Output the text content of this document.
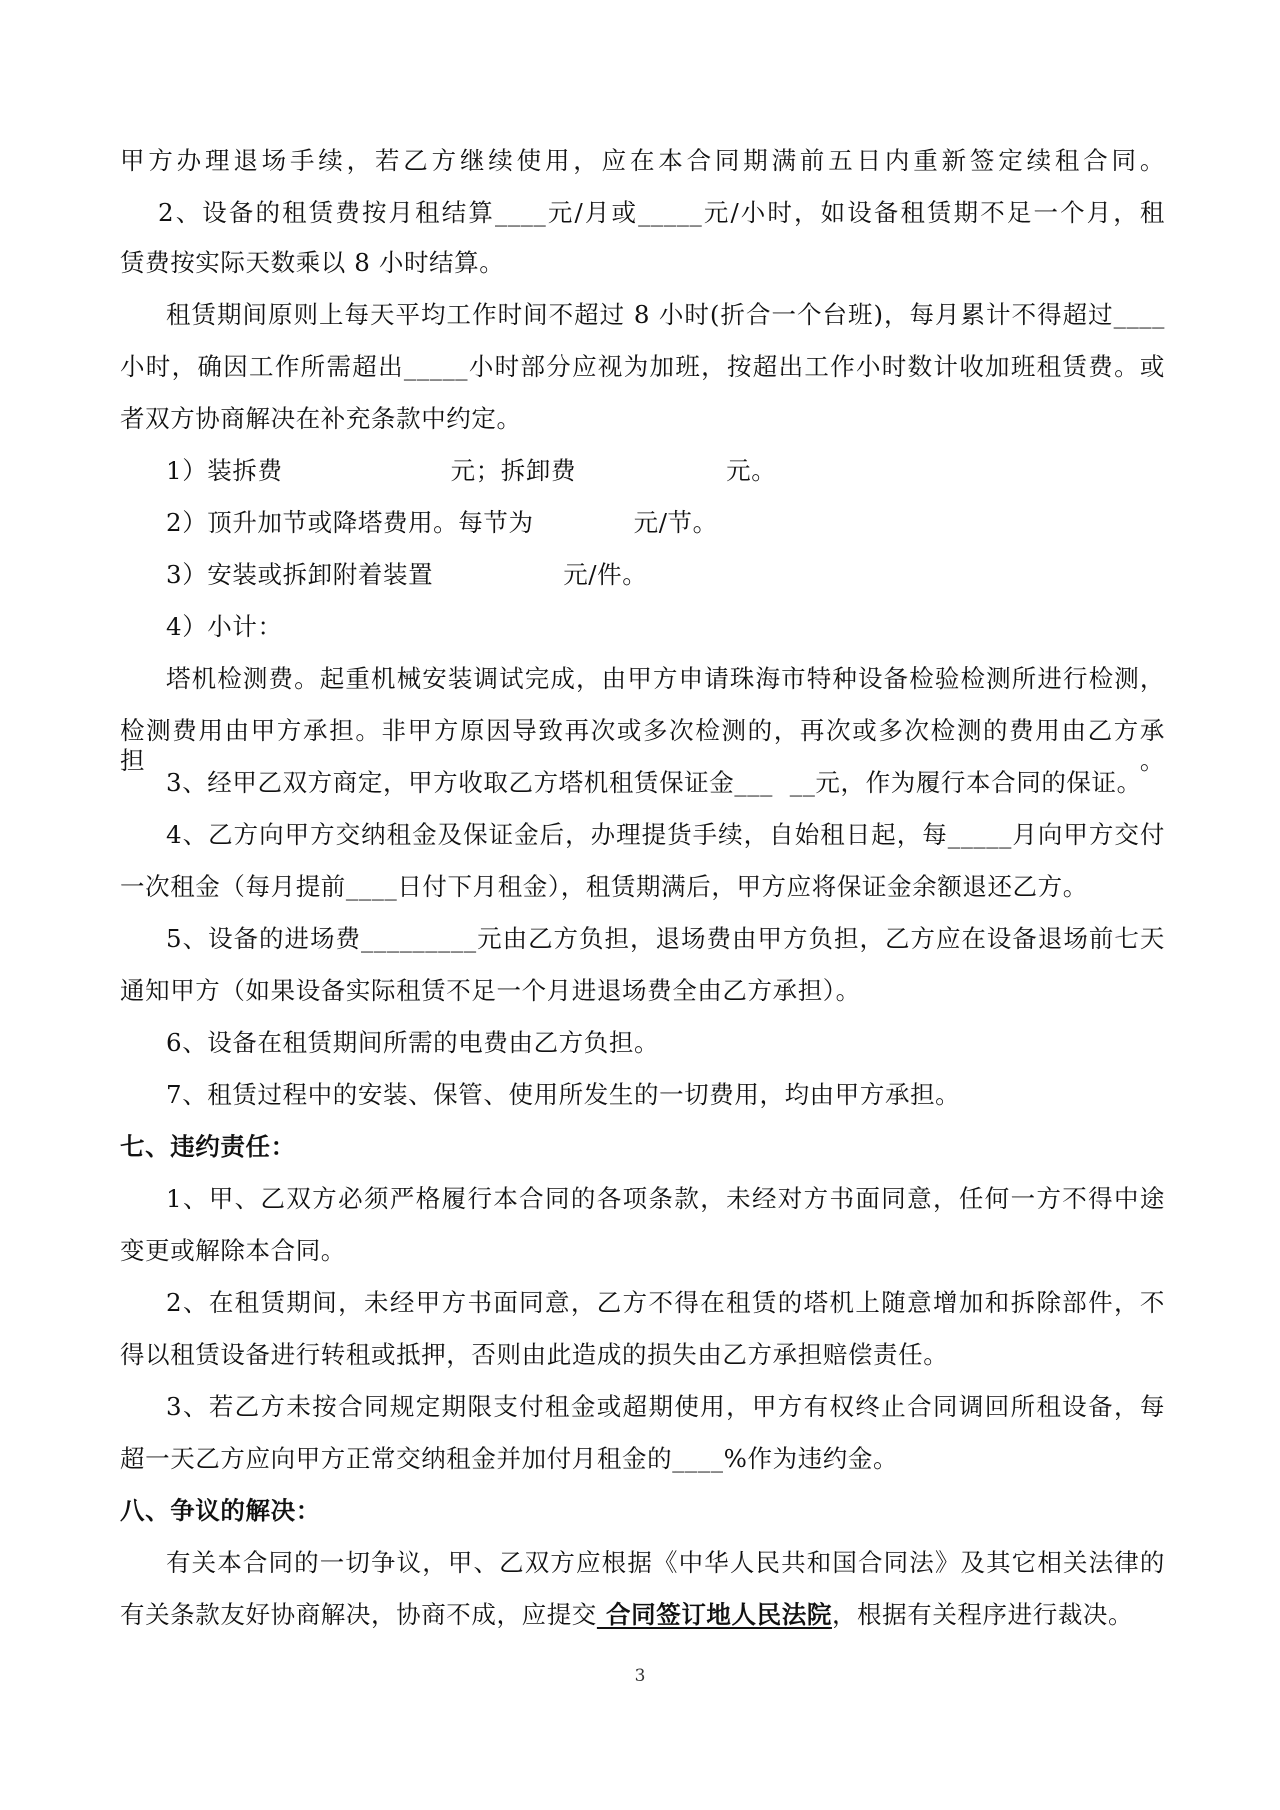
甲方办理退场手续，若乙方继续使用，应在本合同期满前五日内重新签定续租合同。
2、设备的租赁费按月租结算____元/月或_____元/小时，如设备租赁期不足一个月，租
赁费按实际天数乘以 8 小时结算。
租赁期间原则上每天平均工作时间不超过 8 小时(折合一个台班)，每月累计不得超过____
小时，确因工作所需超出_____小时部分应视为加班，按超出工作小时数计收加班租赁费。或
者双方协商解决在补充条款中约定。
1）装拆费	元；拆卸费	元。
2）顶升加节或降塔费用。每节为	元/节。
3）安装或拆卸附着装置	元/件。
4）小计：
塔机检测费。起重机械安装调试完成，由甲方申请珠海市特种设备检验检测所进行检测，
检测费用由甲方承担。非甲方原因导致再次或多次检测的，再次或多次检测的费用由乙方承担。
3、经甲乙双方商定，甲方收取乙方塔机租赁保证金___  __元，作为履行本合同的保证。
4、乙方向甲方交纳租金及保证金后，办理提货手续，自始租日起，每_____月向甲方交付
一次租金（每月提前____日付下月租金），租赁期满后，甲方应将保证金余额退还乙方。
5、设备的进场费_________元由乙方负担，退场费由甲方负担，乙方应在设备退场前七天
通知甲方（如果设备实际租赁不足一个月进退场费全由乙方承担）。
6、设备在租赁期间所需的电费由乙方负担。
7、租赁过程中的安装、保管、使用所发生的一切费用，均由甲方承担。
七、违约责任：
1、甲、乙双方必须严格履行本合同的各项条款，未经对方书面同意，任何一方不得中途
变更或解除本合同。
2、在租赁期间，未经甲方书面同意，乙方不得在租赁的塔机上随意增加和拆除部件，不
得以租赁设备进行转租或抵押，否则由此造成的损失由乙方承担赔偿责任。
3、若乙方未按合同规定期限支付租金或超期使用，甲方有权终止合同调回所租设备，每
超一天乙方应向甲方正常交纳租金并加付月租金的____%作为违约金。
八、争议的解决：
有关本合同的一切争议，甲、乙双方应根据《中华人民共和国合同法》及其它相关法律的
有关条款友好协商解决，协商不成，应提交 合同签订地人民法院，根据有关程序进行裁决。
3
